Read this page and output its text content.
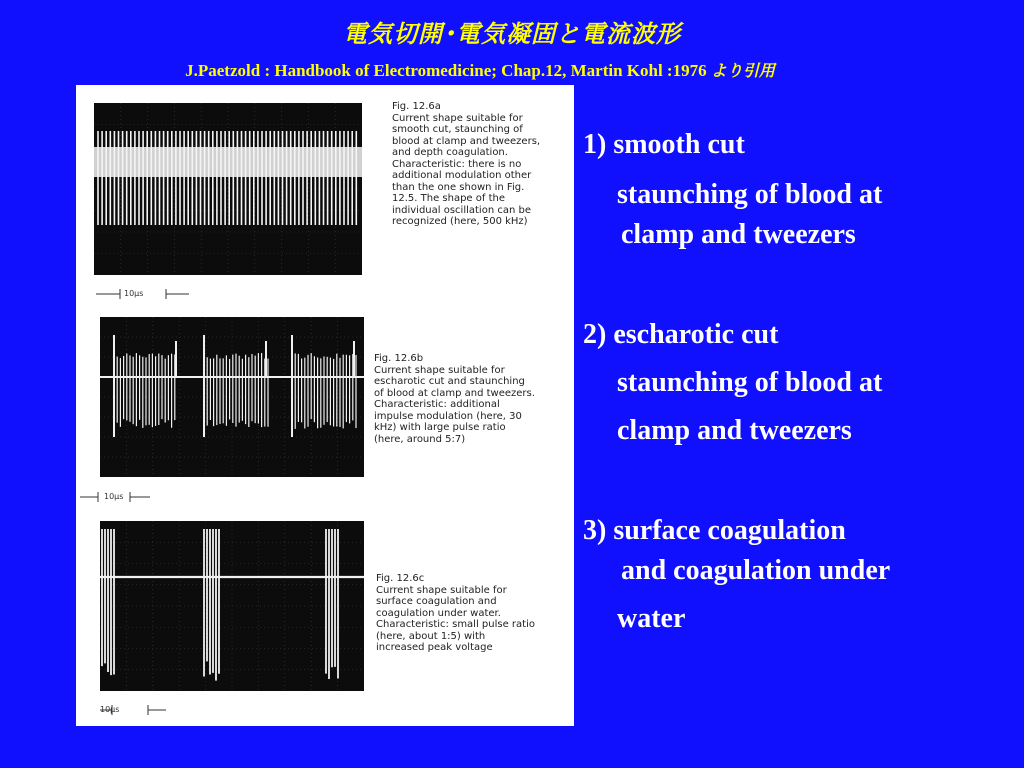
電気切開･電気凝固と電流波形
J.Paetzold : Handbook of Electromedicine; Chap.12, Martin Kohl :1976 より引用
Fig. 12.6a
Current shape suitable for smooth cut, staunching of blood at clamp and tweezers, and depth coagulation. Characteristic: there is no additional modulation other than the one shown in Fig. 12.5. The shape of the individual oscillation can be recognized (here, 500 kHz)
10μs
Fig. 12.6b
Current shape suitable for escharotic cut and staunching of blood at clamp and tweezers. Characteristic: additional impulse modulation (here, 30 kHz) with large pulse ratio (here, around 5:7)
10μs
Fig. 12.6c
Current shape suitable for surface coagulation and coagulation under water. Characteristic: small pulse ratio (here, about 1:5) with increased peak voltage
10μs
1) smooth cut
staunching of blood at
clamp and tweezers
2) escharotic cut
staunching of blood at
clamp and tweezers
3) surface coagulation
and coagulation under
water
